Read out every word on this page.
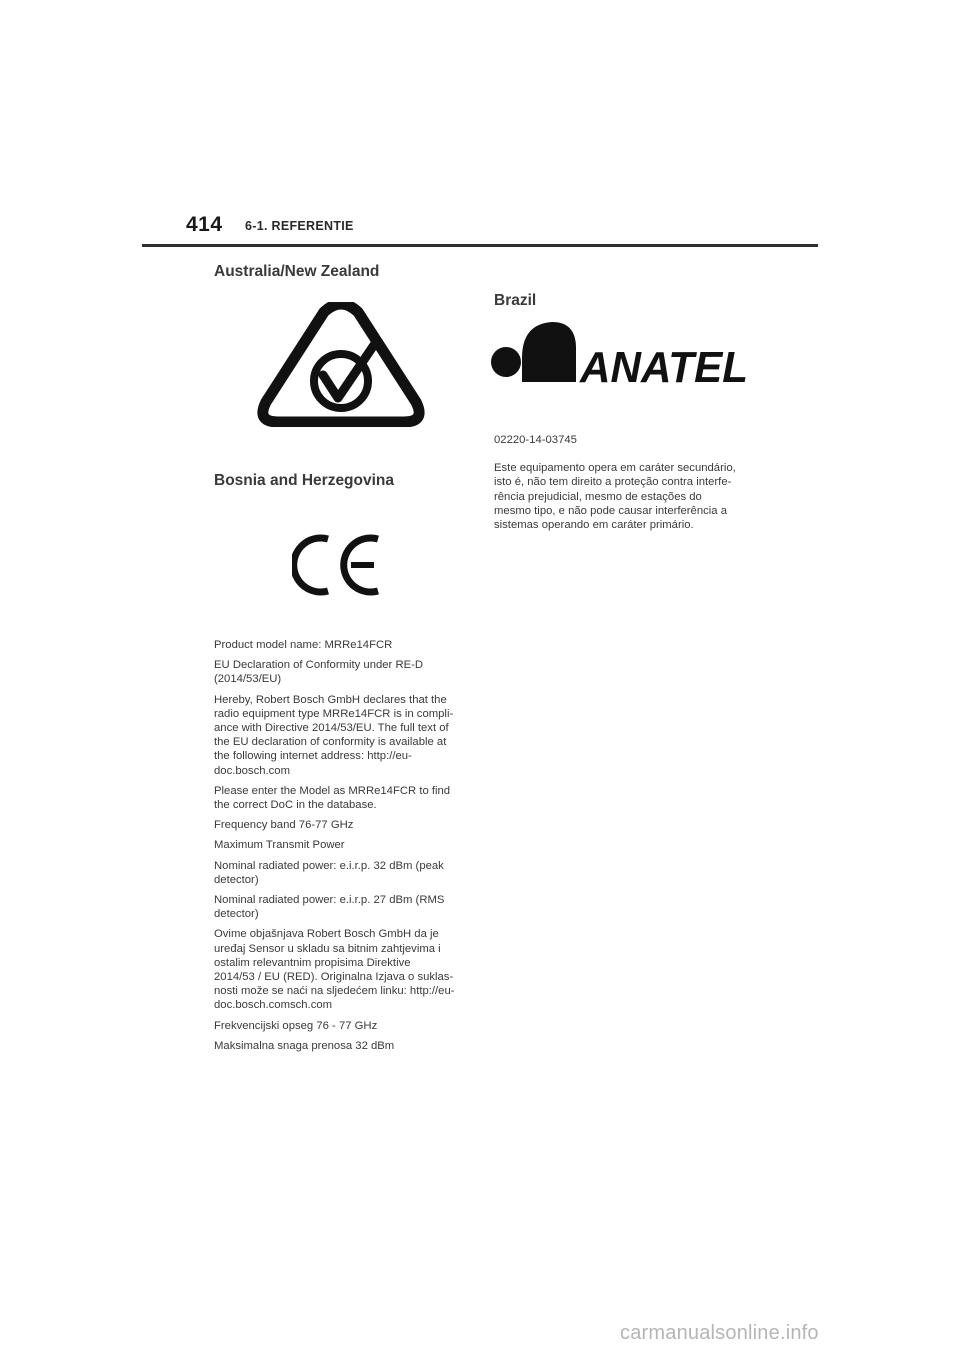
414 6-1. REFERENTIE
Australia/New Zealand
Bosnia and Herzegovina

Product model name: MRRe14FCR

EU Declaration of Conformity under RE-D
(2014/53/EU)

Hereby, Robert Bosch GmbH declares that the
radio equipment type MRRe14FCR is in compli-
ance with Directive 2014/53/EU. The full text of
the EU declaration of conformity is available at
the following internet address: http://eu-
doc.bosch.com

Please enter the Model as MRRe14FCR to find
the correct DoC in the database.

Frequency band 76-77 GHz

Maximum Transmit Power

Nominal radiated power: e.i.r.p. 32 dBm (peak
detector)

Nominal radiated power: e.i.r.p. 27 dBm (RMS
detector)

Ovime objašnjava Robert Bosch GmbH da je
uređaj Sensor u skladu sa bitnim zahtjevima i
ostalim relevantnim propisima Direktive
2014/53 / EU (RED). Originalna Izjava o suklas-
nosti može se naći na sljedećem linku: http://eu-
doc.bosch.comsch.com

Frekvencijski opseg 76 - 77 GHz

Maksimalna snaga prenosa 32 dBm

Brazil
ANATEL

02220-14-03745

Este equipamento opera em caráter secundário,
isto é, não tem direito a proteção contra interfe-
rência prejudicial, mesmo de estações do
mesmo tipo, e não pode causar interferência a
sistemas operando em caráter primário.

carmanualsonline.info
